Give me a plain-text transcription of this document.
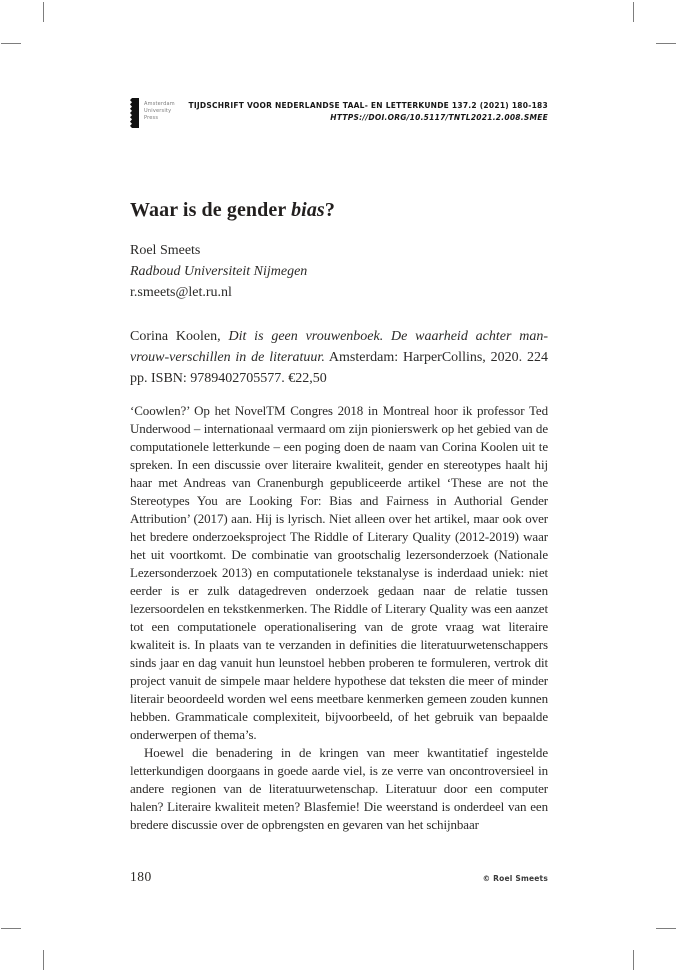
Amsterdam
University
Press
TIJDSCHRIFT VOOR NEDERLANDSE TAAL- EN LETTERKUNDE 137.2 (2021) 180-183
HTTPS://DOI.ORG/10.5117/TNTL2021.2.008.SMEE
Waar is de gender bias?
Roel Smeets
Radboud Universiteit Nijmegen
r.smeets@let.ru.nl
Corina Koolen, Dit is geen vrouwenboek. De waarheid achter man-vrouw-verschillen in de literatuur. Amsterdam: HarperCollins, 2020. 224 pp. ISBN: 9789402705577. €22,50

‘Coowlen?’ Op het NovelTM Congres 2018 in Montreal hoor ik professor Ted Underwood – internationaal vermaard om zijn pionierswerk op het gebied van de computationele letterkunde – een poging doen de naam van Corina Koolen uit te spreken. In een discussie over literaire kwaliteit, gender en stereotypes haalt hij haar met Andreas van Cranenburgh gepubliceerde artikel ‘These are not the Stereotypes You are Looking For: Bias and Fairness in Authorial Gender Attribution’ (2017) aan. Hij is lyrisch. Niet alleen over het artikel, maar ook over het bredere onderzoeksproject The Riddle of Literary Quality (2012-2019) waar het uit voortkomt. De combinatie van grootschalig lezersonderzoek (Nationale Lezersonderzoek 2013) en computationele tekstanalyse is inderdaad uniek: niet eerder is er zulk datagedreven onderzoek gedaan naar de relatie tussen lezersoordelen en tekstkenmerken. The Riddle of Literary Quality was een aanzet tot een computationele operationalisering van de grote vraag wat literaire kwaliteit is. In plaats van te verzanden in definities die literatuurwetenschappers sinds jaar en dag vanuit hun leunstoel hebben proberen te formuleren, vertrok dit project vanuit de simpele maar heldere hypothese dat teksten die meer of minder literair beoordeeld worden wel eens meetbare kenmerken gemeen zouden kunnen hebben. Grammaticale complexiteit, bijvoorbeeld, of het gebruik van bepaalde onderwerpen of thema’s.

Hoewel die benadering in de kringen van meer kwantitatief ingestelde letterkundigen doorgaans in goede aarde viel, is ze verre van oncontroversieel in andere regionen van de literatuurwetenschap. Literatuur door een computer halen? Literaire kwaliteit meten? Blasfemie! Die weerstand is onderdeel van een bredere discussie over de opbrengsten en gevaren van het schijnbaar

180	© Roel Smeets
